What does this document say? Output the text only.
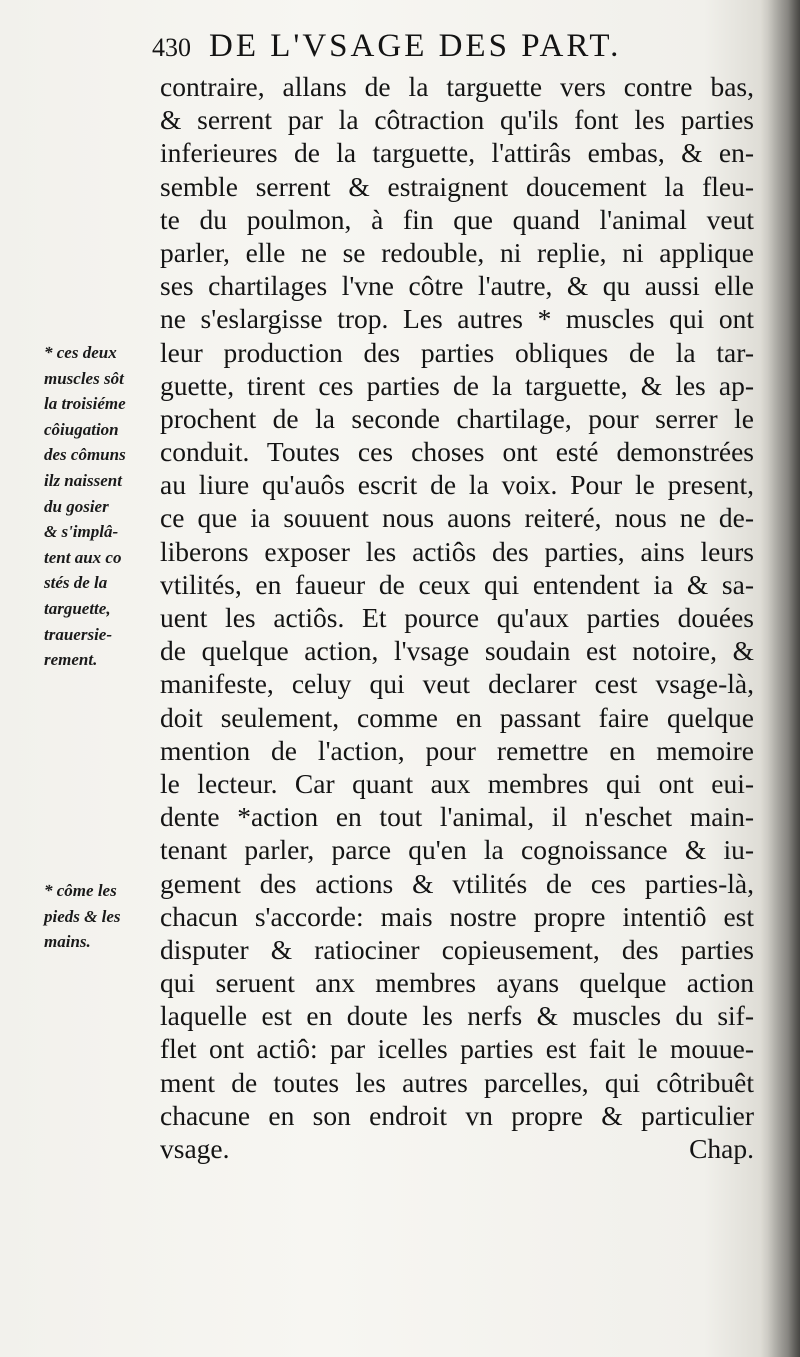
430 DE L'VSAGE DES PART.
* ces deux
muscles sôt
la troisiéme
côiugation
des cômuns
ilz naissent
du gosier
& s'implâ-
tent aux co
stés de la
targuette,
trauersie-
rement.
* côme les
pieds & les
mains.
contraire, allans de la targuette vers contre bas,
& serrent par la côtraction qu'ils font les parties
inferieures de la targuette, l'attirâs embas, & en-
semble serrent & estraignent doucement la fleu-
te du poulmon, à fin que quand l'animal veut
parler, elle ne se redouble, ni replie, ni applique
ses chartilages l'vne côtre l'autre, & qu aussi elle
ne s'eslargisse trop. Les autres * muscles qui ont
leur production des parties obliques de la tar-
guette, tirent ces parties de la targuette, & les ap-
prochent de la seconde chartilage, pour serrer le
conduit. Toutes ces choses ont esté demonstrées
au liure qu'auôs escrit de la voix. Pour le present,
ce que ia souuent nous auons reiteré, nous ne de-
liberons exposer les actiôs des parties, ains leurs
vtilités, en faueur de ceux qui entendent ia & sa-
uent les actiôs. Et pource qu'aux parties douées
de quelque action, l'vsage soudain est notoire, &
manifeste, celuy qui veut declarer cest vsage-là,
doit seulement, comme en passant faire quelque
mention de l'action, pour remettre en memoire
le lecteur. Car quant aux membres qui ont eui-
dente *action en tout l'animal, il n'eschet main-
tenant parler, parce qu'en la cognoissance & iu-
gement des actions & vtilités de ces parties-là,
chacun s'accorde: mais nostre propre intentiô est
disputer & ratiociner copieusement, des parties
qui seruent anx membres ayans quelque action
laquelle est en doute les nerfs & muscles du sif-
flet ont actiô: par icelles parties est fait le mouue-
ment de toutes les autres parcelles, qui côtribuêt
chacune en son endroit vn propre & particulier
vsage.	Chap.
